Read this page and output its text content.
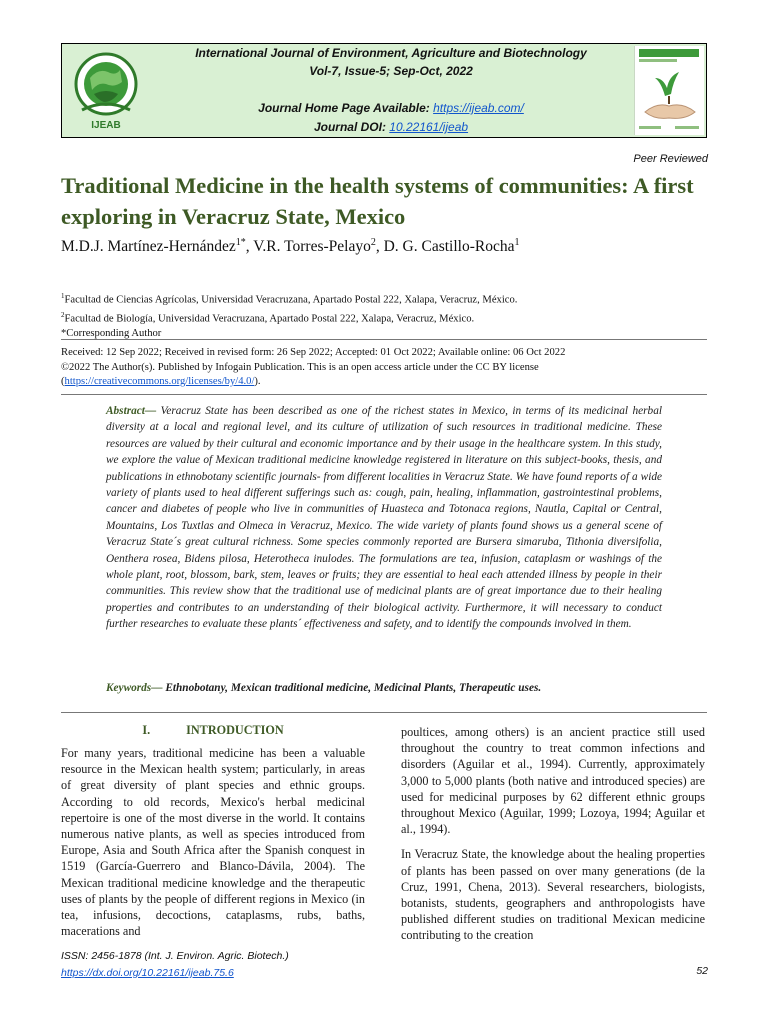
IJEAB
International Journal of Environment, Agriculture and Biotechnology
Vol-7, Issue-5; Sep-Oct, 2022
Journal Home Page Available: https://ijeab.com/
Journal DOI: 10.22161/ijeab
Peer Reviewed
Traditional Medicine in the health systems of communities: A first exploring in Veracruz State, Mexico
M.D.J. Martínez-Hernández$^{1*}$, V.R. Torres-Pelayo$^2$, D. G. Castillo-Rocha$^1$
$^1$Facultad de Ciencias Agrícolas, Universidad Veracruzana, Apartado Postal 222, Xalapa, Veracruz, México.
$^2$Facultad de Biología, Universidad Veracruzana, Apartado Postal 222, Xalapa, Veracruz, México.
*Corresponding Author
Received: 12 Sep 2022; Received in revised form: 26 Sep 2022; Accepted: 01 Oct 2022; Available online: 06 Oct 2022
©2022 The Author(s). Published by Infogain Publication. This is an open access article under the CC BY license
(https://creativecommons.org/licenses/by/4.0/).
Abstract— Veracruz State has been described as one of the richest states in Mexico, in terms of its medicinal herbal diversity at a local and regional level, and its culture of utilization of such resources in traditional medicine. These resources are valued by their cultural and economic importance and by their usage in the healthcare system. In this study, we explore the value of Mexican traditional medicine knowledge registered in literature on this subject-books, thesis, and publications in ethnobotany scientific journals- from different localities in Veracruz State. We have found reports of a wide variety of plants used to heal different sufferings such as: cough, pain, healing, inflammation, gastrointestinal problems, cancer and diabetes of people who live in communities of Huasteca and Totonaca regions, Nautla, Capital or Central, Mountains, Los Tuxtlas and Olmeca in Veracruz, Mexico. The wide variety of plants found shows us a general scene of Veracruz State´s great cultural richness. Some species commonly reported are Bursera simaruba, Tithonia diversifolia, Oenthera rosea, Bidens pilosa, Heterotheca inulodes. The formulations are tea, infusion, cataplasm or washings of the whole plant, root, blossom, bark, stem, leaves or fruits; they are essential to heal each attended illness by people in their communities. This review show that the traditional use of medicinal plants are of great importance due to their healing properties and contributes to an understanding of their biological activity. Furthermore, it will necessary to conduct further researches to evaluate these plants´ effectiveness and safety, and to identify the compounds involved in them.
Keywords— Ethnobotany, Mexican traditional medicine, Medicinal Plants, Therapeutic uses.
I.	INTRODUCTION

For many years, traditional medicine has been a valuable resource in the Mexican health system; particularly, in areas of great diversity of plant species and ethnic groups. According to old records, Mexico's herbal medicinal repertoire is one of the most diverse in the world. It contains numerous native plants, as well as species introduced from Europe, Asia and South Africa after the Spanish conquest in 1519 (García-Guerrero and Blanco-Dávila, 2004). The Mexican traditional medicine knowledge and the therapeutic uses of plants by the people of different regions in Mexico (in tea, infusions, decoctions, cataplasms, rubs, baths, macerations and

poultices, among others) is an ancient practice still used throughout the country to treat common infections and disorders (Aguilar et al., 1994). Currently, approximately 3,000 to 5,000 plants (both native and introduced species) are used for medicinal purposes by 62 different ethnic groups throughout Mexico (Aguilar, 1999; Lozoya, 1994; Aguilar et al., 1994).

In Veracruz State, the knowledge about the healing properties of plants has been passed on over many generations (de la Cruz, 1991, Chena, 2013). Several researchers, biologists, botanists, students, geographers and anthropologists have published different studies on traditional Mexican medicine contributing to the creation

ISSN: 2456-1878 (Int. J. Environ. Agric. Biotech.)
https://dx.doi.org/10.22161/ijeab.75.6	52
